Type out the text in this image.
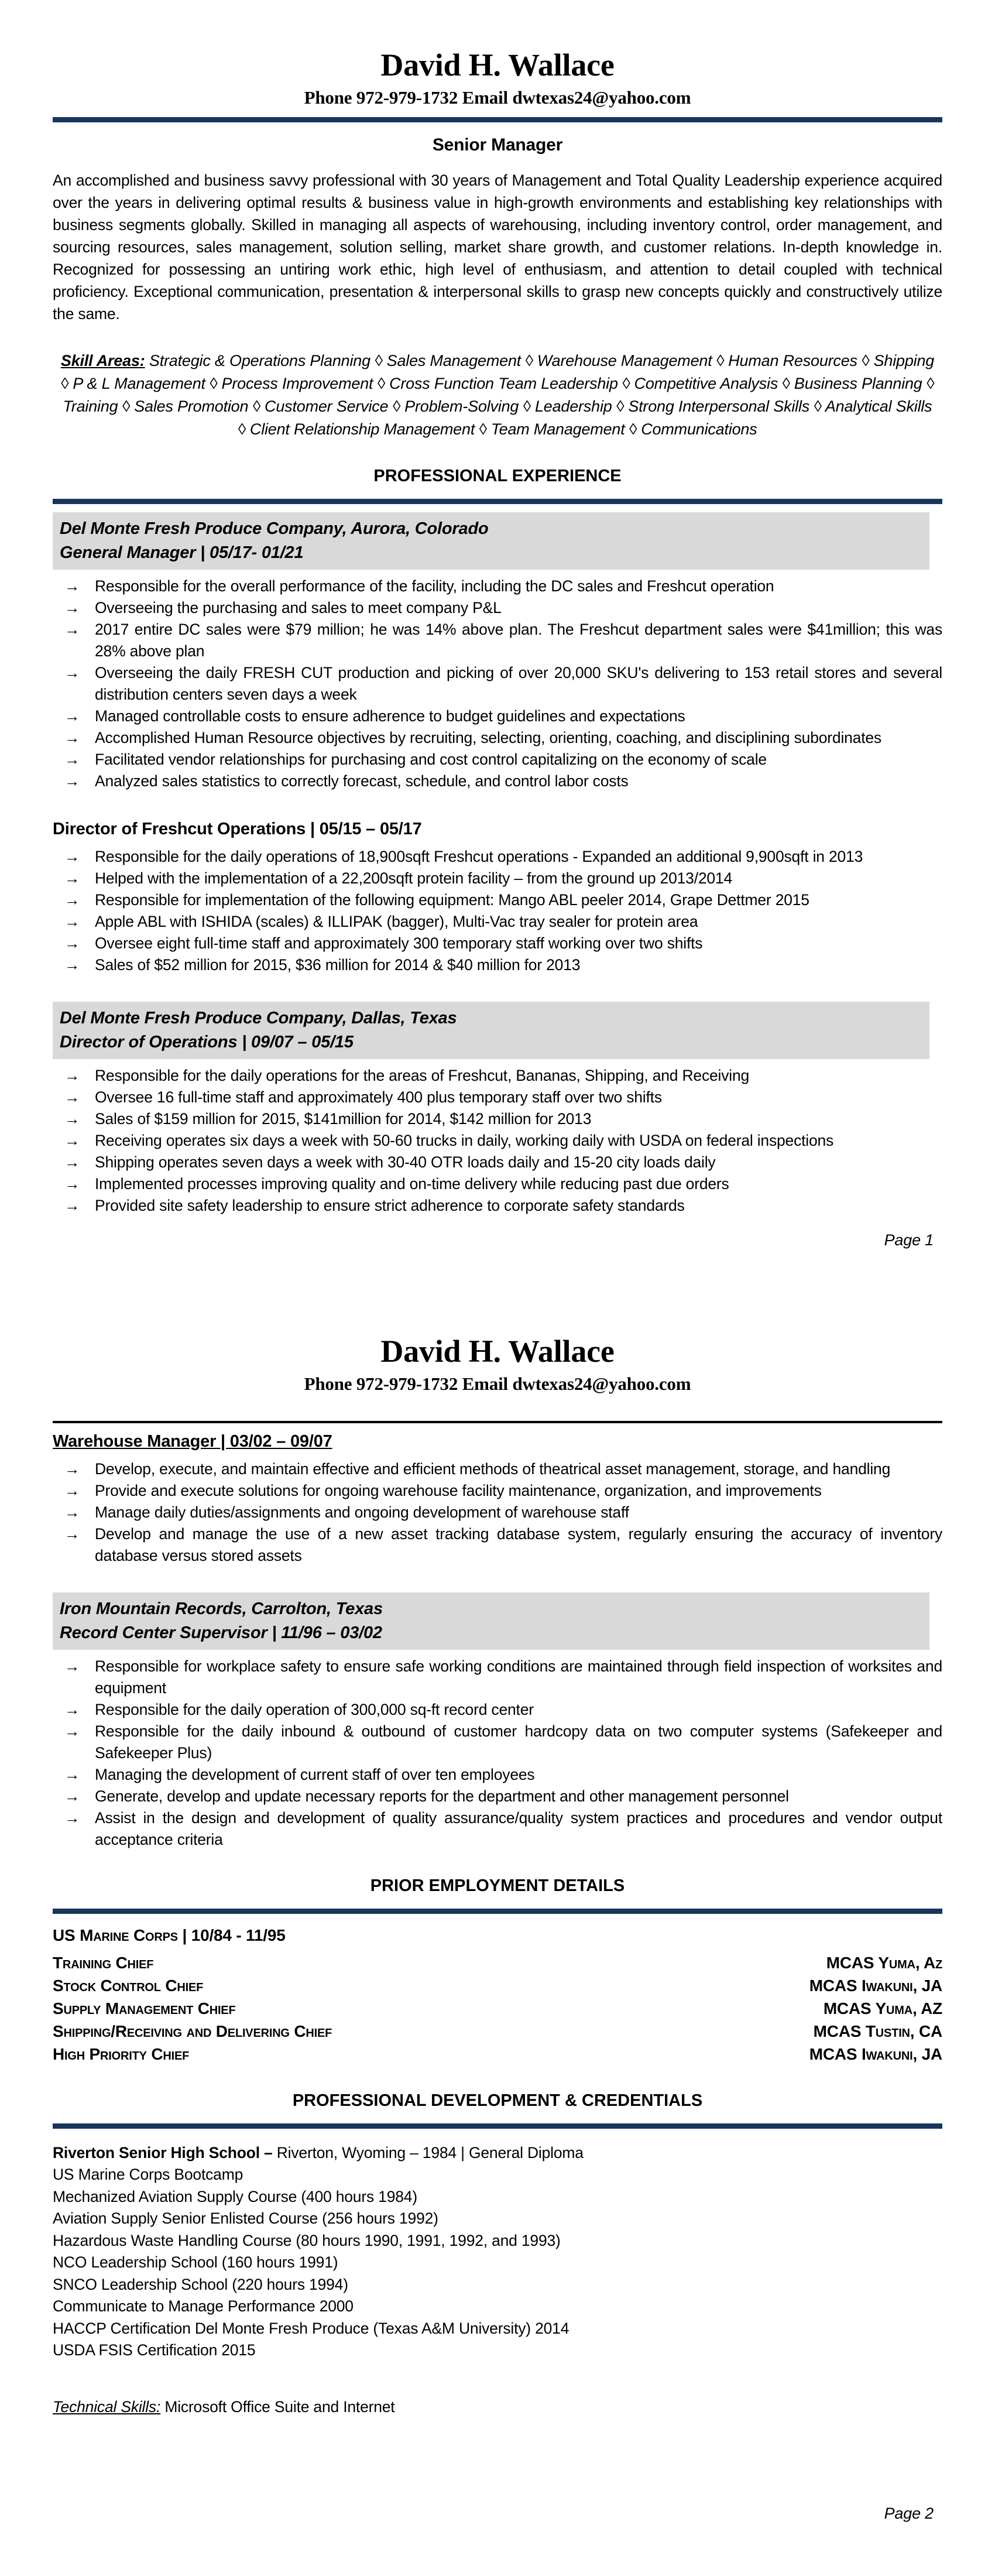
David H. Wallace
Phone 972-979-1732 Email dwtexas24@yahoo.com
Senior Manager

An accomplished and business savvy professional with 30 years of Management and Total Quality Leadership experience acquired over the years in delivering optimal results & business value in high-growth environments and establishing key relationships with business segments globally. Skilled in managing all aspects of warehousing, including inventory control, order management, and sourcing resources, sales management, solution selling, market share growth, and customer relations. In-depth knowledge in. Recognized for possessing an untiring work ethic, high level of enthusiasm, and attention to detail coupled with technical proficiency. Exceptional communication, presentation & interpersonal skills to grasp new concepts quickly and constructively utilize the same.

Skill Areas: Strategic & Operations Planning ◊ Sales Management ◊ Warehouse Management ◊ Human Resources ◊ Shipping ◊ P & L Management ◊ Process Improvement ◊ Cross Function Team Leadership ◊ Competitive Analysis ◊ Business Planning ◊ Training ◊ Sales Promotion ◊ Customer Service ◊ Problem-Solving ◊ Leadership ◊ Strong Interpersonal Skills ◊ Analytical Skills ◊ Client Relationship Management ◊ Team Management ◊ Communications

PROFESSIONAL EXPERIENCE
Del Monte Fresh Produce Company, Aurora, Colorado
General Manager | 05/17- 01/21
→ Responsible for the overall performance of the facility, including the DC sales and Freshcut operation
→ Overseeing the purchasing and sales to meet company P&L
→ 2017 entire DC sales were $79 million; he was 14% above plan. The Freshcut department sales were $41million; this was 28% above plan
→ Overseeing the daily FRESH CUT production and picking of over 20,000 SKU's delivering to 153 retail stores and several distribution centers seven days a week
→ Managed controllable costs to ensure adherence to budget guidelines and expectations
→ Accomplished Human Resource objectives by recruiting, selecting, orienting, coaching, and disciplining subordinates
→ Facilitated vendor relationships for purchasing and cost control capitalizing on the economy of scale
→ Analyzed sales statistics to correctly forecast, schedule, and control labor costs
Director of Freshcut Operations | 05/15 – 05/17
→ Responsible for the daily operations of 18,900sqft Freshcut operations - Expanded an additional 9,900sqft in 2013
→ Helped with the implementation of a 22,200sqft protein facility – from the ground up 2013/2014
→ Responsible for implementation of the following equipment: Mango ABL peeler 2014, Grape Dettmer 2015
→ Apple ABL with ISHIDA (scales) & ILLIPAK (bagger), Multi-Vac tray sealer for protein area
→ Oversee eight full-time staff and approximately 300 temporary staff working over two shifts
→ Sales of $52 million for 2015, $36 million for 2014 & $40 million for 2013
Del Monte Fresh Produce Company, Dallas, Texas
Director of Operations | 09/07 – 05/15
→ Responsible for the daily operations for the areas of Freshcut, Bananas, Shipping, and Receiving
→ Oversee 16 full-time staff and approximately 400 plus temporary staff over two shifts
→ Sales of $159 million for 2015, $141million for 2014, $142 million for 2013
→ Receiving operates six days a week with 50-60 trucks in daily, working daily with USDA on federal inspections
→ Shipping operates seven days a week with 30-40 OTR loads daily and 15-20 city loads daily
→ Implemented processes improving quality and on-time delivery while reducing past due orders
→ Provided site safety leadership to ensure strict adherence to corporate safety standards
Page 1
David H. Wallace
Phone 972-979-1732 Email dwtexas24@yahoo.com
Warehouse Manager | 03/02 – 09/07
→ Develop, execute, and maintain effective and efficient methods of theatrical asset management, storage, and handling
→ Provide and execute solutions for ongoing warehouse facility maintenance, organization, and improvements
→ Manage daily duties/assignments and ongoing development of warehouse staff
→ Develop and manage the use of a new asset tracking database system, regularly ensuring the accuracy of inventory database versus stored assets
Iron Mountain Records, Carrolton, Texas
Record Center Supervisor | 11/96 – 03/02
→ Responsible for workplace safety to ensure safe working conditions are maintained through field inspection of worksites and equipment
→ Responsible for the daily operation of 300,000 sq-ft record center
→ Responsible for the daily inbound & outbound of customer hardcopy data on two computer systems (Safekeeper and Safekeeper Plus)
→ Managing the development of current staff of over ten employees
→ Generate, develop and update necessary reports for the department and other management personnel
→ Assist in the design and development of quality assurance/quality system practices and procedures and vendor output acceptance criteria
PRIOR EMPLOYMENT DETAILS
US Marine Corps | 10/84 - 11/95
Training Chief	MCAS Yuma, Az
Stock Control Chief	MCAS Iwakuni, JA
Supply Management Chief	MCAS Yuma, AZ
Shipping/Receiving and Delivering Chief	MCAS Tustin, CA
High Priority Chief	MCAS Iwakuni, JA
PROFESSIONAL DEVELOPMENT & CREDENTIALS
Riverton Senior High School – Riverton, Wyoming – 1984 | General Diploma
US Marine Corps Bootcamp
Mechanized Aviation Supply Course (400 hours 1984)
Aviation Supply Senior Enlisted Course (256 hours 1992)
Hazardous Waste Handling Course (80 hours 1990, 1991, 1992, and 1993)
NCO Leadership School (160 hours 1991)
SNCO Leadership School (220 hours 1994)
Communicate to Manage Performance 2000
HACCP Certification Del Monte Fresh Produce (Texas A&M University) 2014
USDA FSIS Certification 2015
Technical Skills: Microsoft Office Suite and Internet
Page 2
